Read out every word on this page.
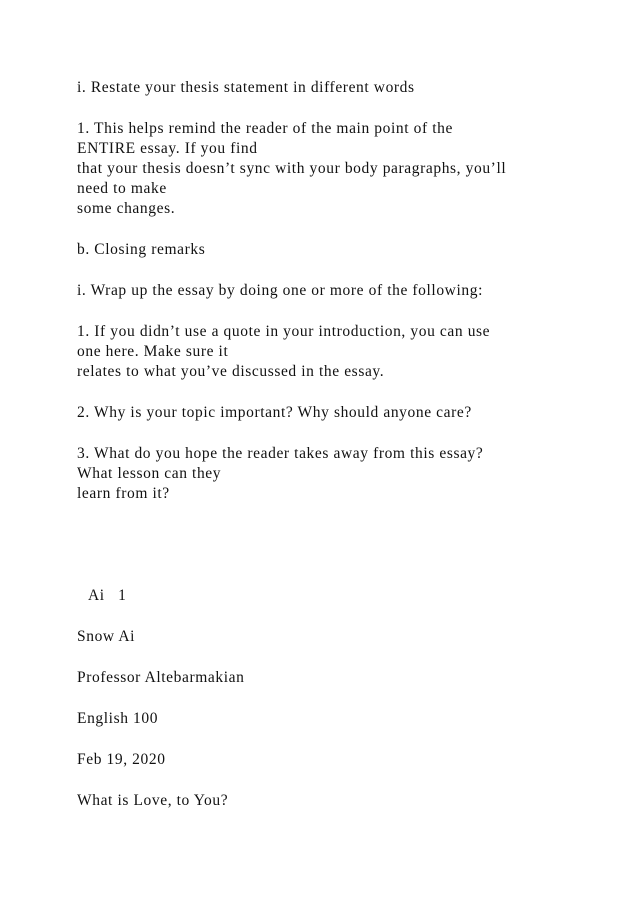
i. Restate your thesis statement in different words
1. This helps remind the reader of the main point of the
ENTIRE essay. If you find
that your thesis doesn’t sync with your body paragraphs, you’ll
need to make
some changes.
b. Closing remarks
i. Wrap up the essay by doing one or more of the following:
1. If you didn’t use a quote in your introduction, you can use
one here. Make sure it
relates to what you’ve discussed in the essay.
2. Why is your topic important? Why should anyone care?
3. What do you hope the reader takes away from this essay?
What lesson can they
learn from it?
Ai   1
Snow Ai
Professor Altebarmakian
English 100
Feb 19, 2020
What is Love, to You?
